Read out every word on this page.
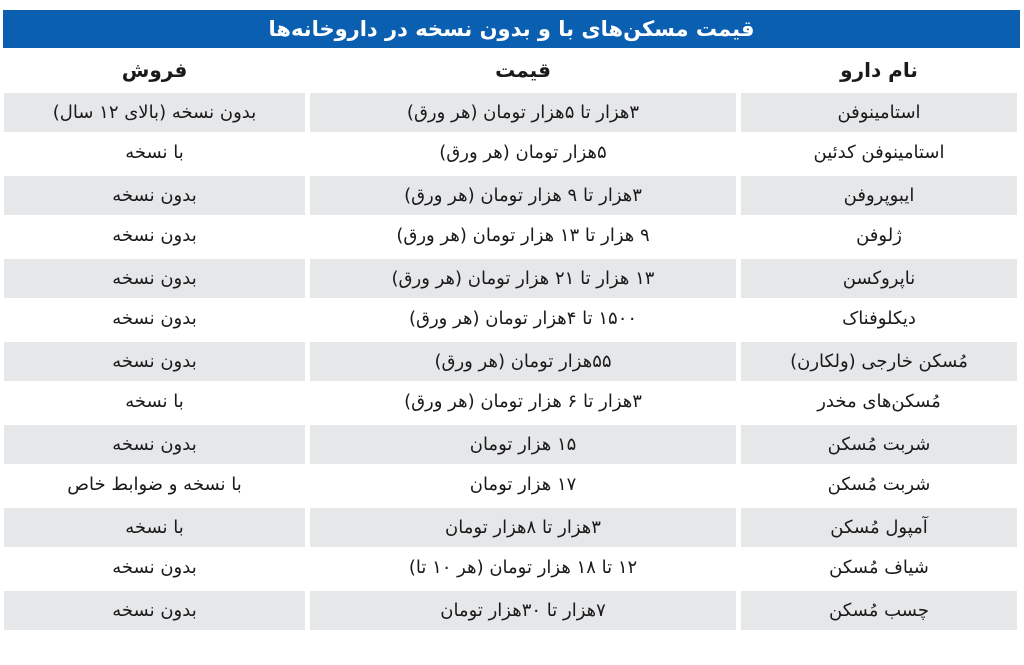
قیمت مسکن‌های با و بدون نسخه در داروخانه‌ها
نام دارو
قیمت
فروش
استامینوفن
۳هزار تا ۵هزار تومان (هر ورق)
بدون نسخه (بالای ۱۲ سال)
استامینوفن کدئین
۵هزار تومان (هر ورق)
با نسخه
ایبوپروفن
۳هزار تا ۹ هزار تومان (هر ورق)
بدون نسخه
ژلوفن
۹ هزار تا ۱۳ هزار تومان (هر ورق)
بدون نسخه
ناپروکسن
۱۳ هزار تا ۲۱ هزار تومان (هر ورق)
بدون نسخه
دیکلوفناک
۱۵۰۰ تا ۴هزار تومان (هر ورق)
بدون نسخه
مُسکن خارجی (ولکارن)
۵۵هزار تومان (هر ورق)
بدون نسخه
مُسکن‌های مخدر
۳هزار تا ۶ هزار تومان (هر ورق)
با نسخه
شربت مُسکن
۱۵ هزار تومان
بدون نسخه
شربت مُسکن
۱۷ هزار تومان
با نسخه و ضوابط خاص
آمپول مُسکن
۳هزار تا ۸هزار تومان
با نسخه
شیاف مُسکن
۱۲ تا ۱۸ هزار تومان (هر ۱۰ تا)
بدون نسخه
چسب مُسکن
۷هزار تا ۳۰هزار تومان
بدون نسخه
